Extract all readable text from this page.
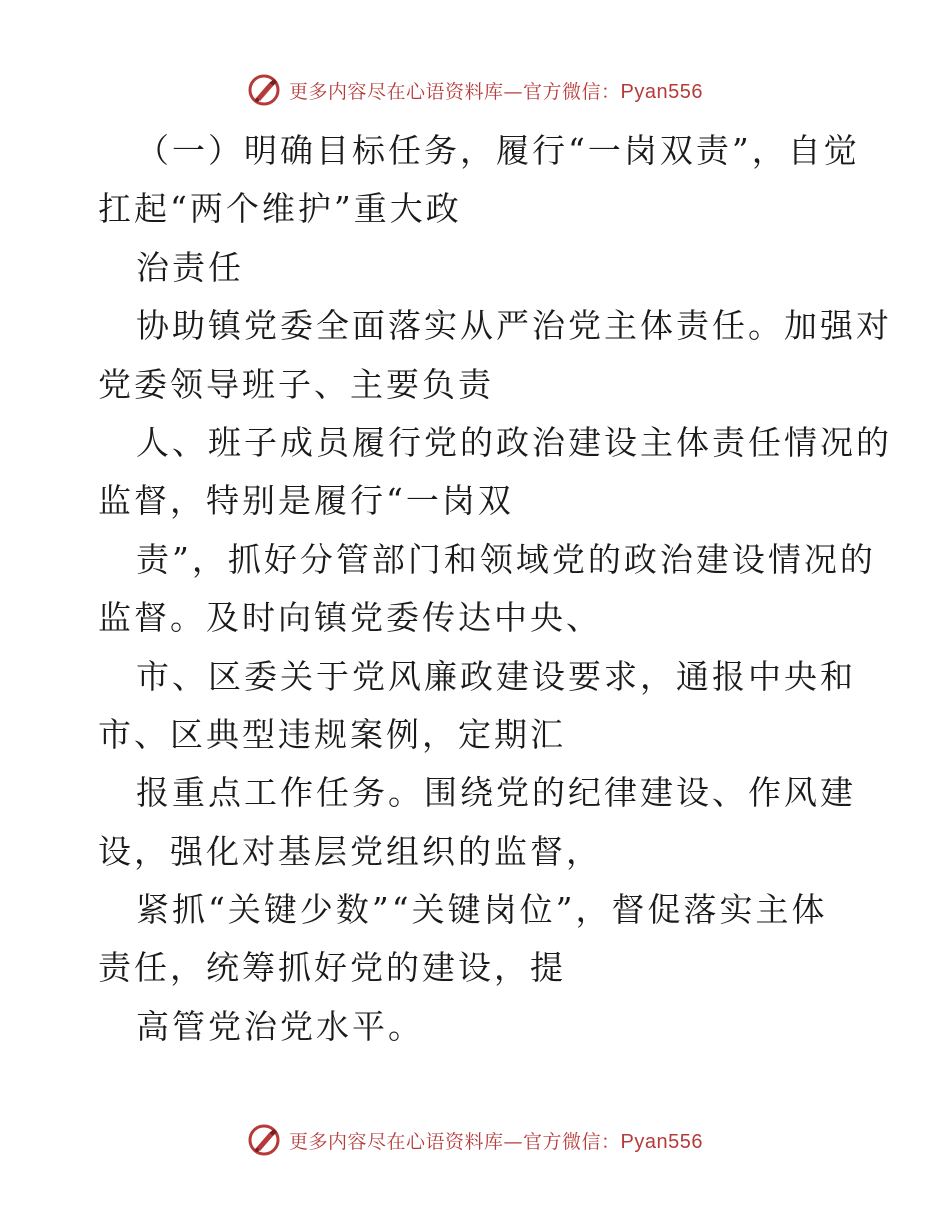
更多内容尽在心语资料库—官方微信：Pyan556
（一）明确目标任务，履行“一岗双责”，自觉
扛起“两个维护”重大政
治责任
协助镇党委全面落实从严治党主体责任。加强对
党委领导班子、主要负责
人、班子成员履行党的政治建设主体责任情况的
监督，特别是履行“一岗双
责”，抓好分管部门和领域党的政治建设情况的
监督。及时向镇党委传达中央、
市、区委关于党风廉政建设要求，通报中央和
市、区典型违规案例，定期汇
报重点工作任务。围绕党的纪律建设、作风建
设，强化对基层党组织的监督，
紧抓“关键少数”“关键岗位”，督促落实主体
责任，统筹抓好党的建设，提
高管党治党水平。
更多内容尽在心语资料库—官方微信：Pyan556
